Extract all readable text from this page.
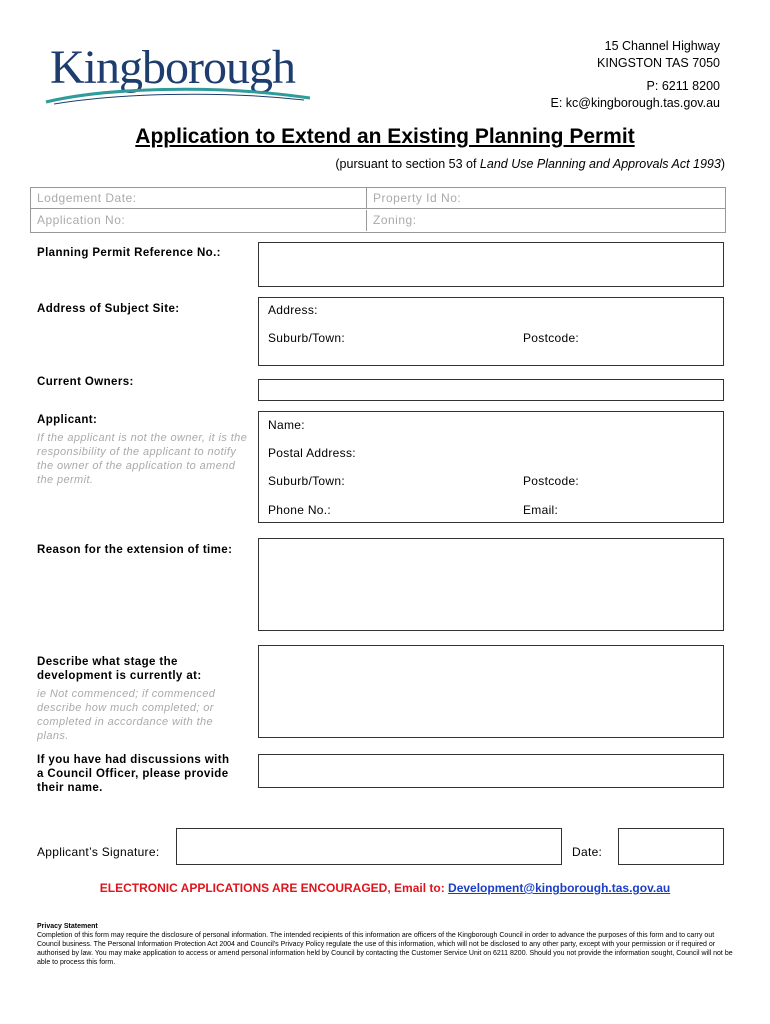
Kingborough	15 Channel Highway
KINGSTON TAS 7050
P: 6211 8200
E: kc@kingborough.tas.gov.au
Application to Extend an Existing Planning Permit
(pursuant to section 53 of Land Use Planning and Approvals Act 1993)
Lodgement Date:	Property Id No:
Application No:	Zoning:
Planning Permit Reference No.:
Address of Subject Site:	Address:
Suburb/Town:	Postcode:
Current Owners:
Applicant:
If the applicant is not the owner, it is the responsibility of the applicant to notify the owner of the application to amend the permit.
Name:
Postal Address:
Suburb/Town:	Postcode:
Phone No.:	Email:
Reason for the extension of time:
Describe what stage the development is currently at:
ie Not commenced; if commenced describe how much completed; or completed in accordance with the plans.
If you have had discussions with a Council Officer, please provide their name.
Applicant’s Signature:	Date:
ELECTRONIC APPLICATIONS ARE ENCOURAGED, Email to: Development@kingborough.tas.gov.au
Privacy Statement
Completion of this form may require the disclosure of personal information. The intended recipients of this information are officers of the Kingborough Council in order to advance the purposes of this form and to carry out Council business. The Personal Information Protection Act 2004 and Council's Privacy Policy regulate the use of this information, which will not be disclosed to any other party, except with your permission or if required or authorised by law. You may make application to access or amend personal information held by Council by contacting the Customer Service Unit on 6211 8200. Should you not provide the information sought, Council will not be able to process this form.
